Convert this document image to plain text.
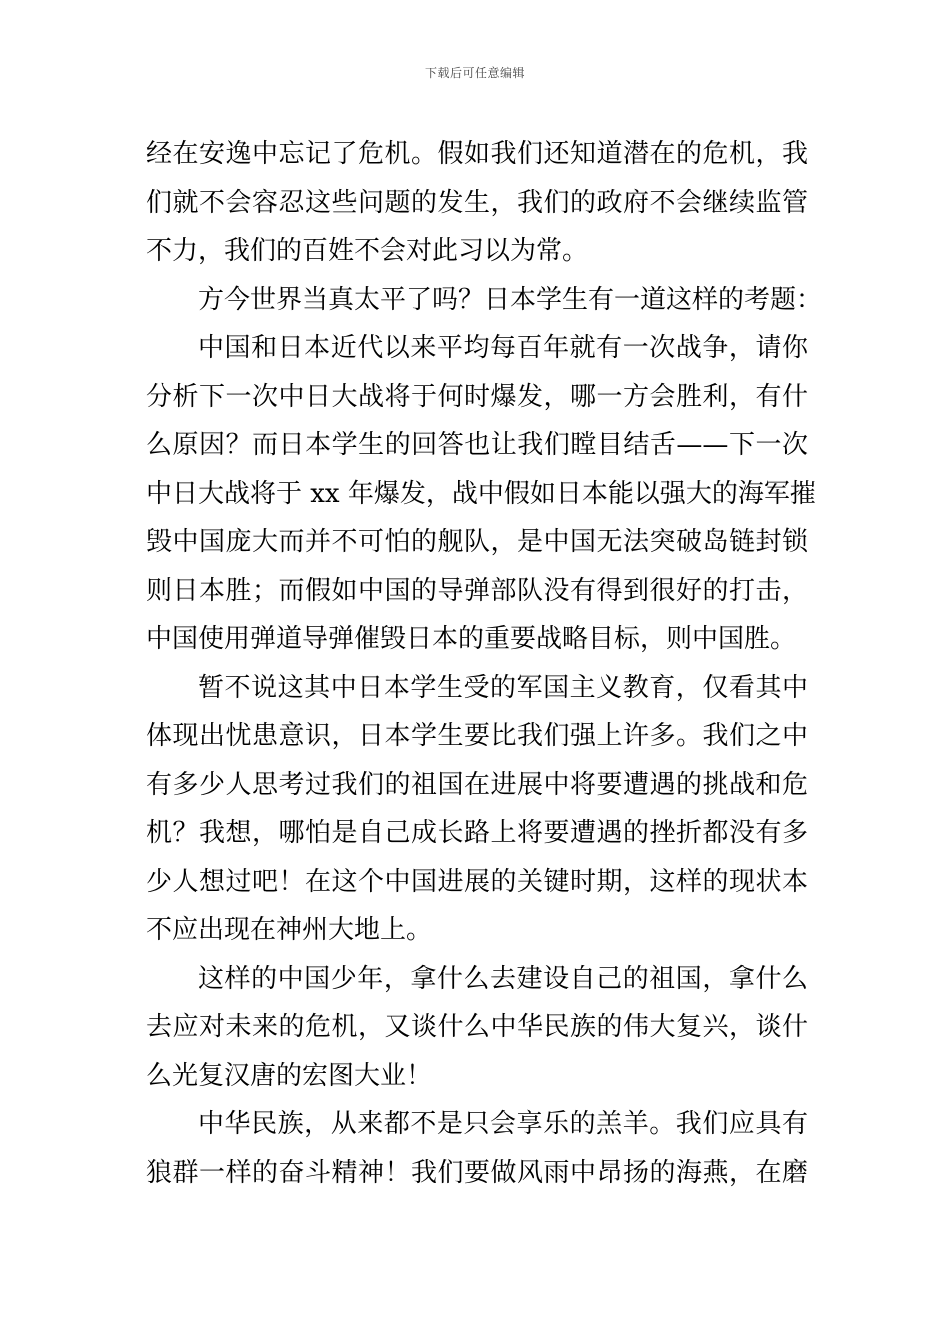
下载后可任意编辑
经在安逸中忘记了危机。假如我们还知道潜在的危机，我
们就不会容忍这些问题的发生，我们的政府不会继续监管
不力，我们的百姓不会对此习以为常。
方今世界当真太平了吗？日本学生有一道这样的考题：
中国和日本近代以来平均每百年就有一次战争，请你
分析下一次中日大战将于何时爆发，哪一方会胜利，有什
么原因？而日本学生的回答也让我们瞠目结舌——下一次
中日大战将于 xx 年爆发，战中假如日本能以强大的海军摧
毁中国庞大而并不可怕的舰队，是中国无法突破岛链封锁
则日本胜；而假如中国的导弹部队没有得到很好的打击，
中国使用弹道导弹催毁日本的重要战略目标，则中国胜。
暂不说这其中日本学生受的军国主义教育，仅看其中
体现出忧患意识，日本学生要比我们强上许多。我们之中
有多少人思考过我们的祖国在进展中将要遭遇的挑战和危
机？我想，哪怕是自己成长路上将要遭遇的挫折都没有多
少人想过吧！在这个中国进展的关键时期，这样的现状本
不应出现在神州大地上。
这样的中国少年，拿什么去建设自己的祖国，拿什么
去应对未来的危机，又谈什么中华民族的伟大复兴，谈什
么光复汉唐的宏图大业！
中华民族，从来都不是只会享乐的羔羊。我们应具有
狼群一样的奋斗精神！我们要做风雨中昂扬的海燕，在磨
